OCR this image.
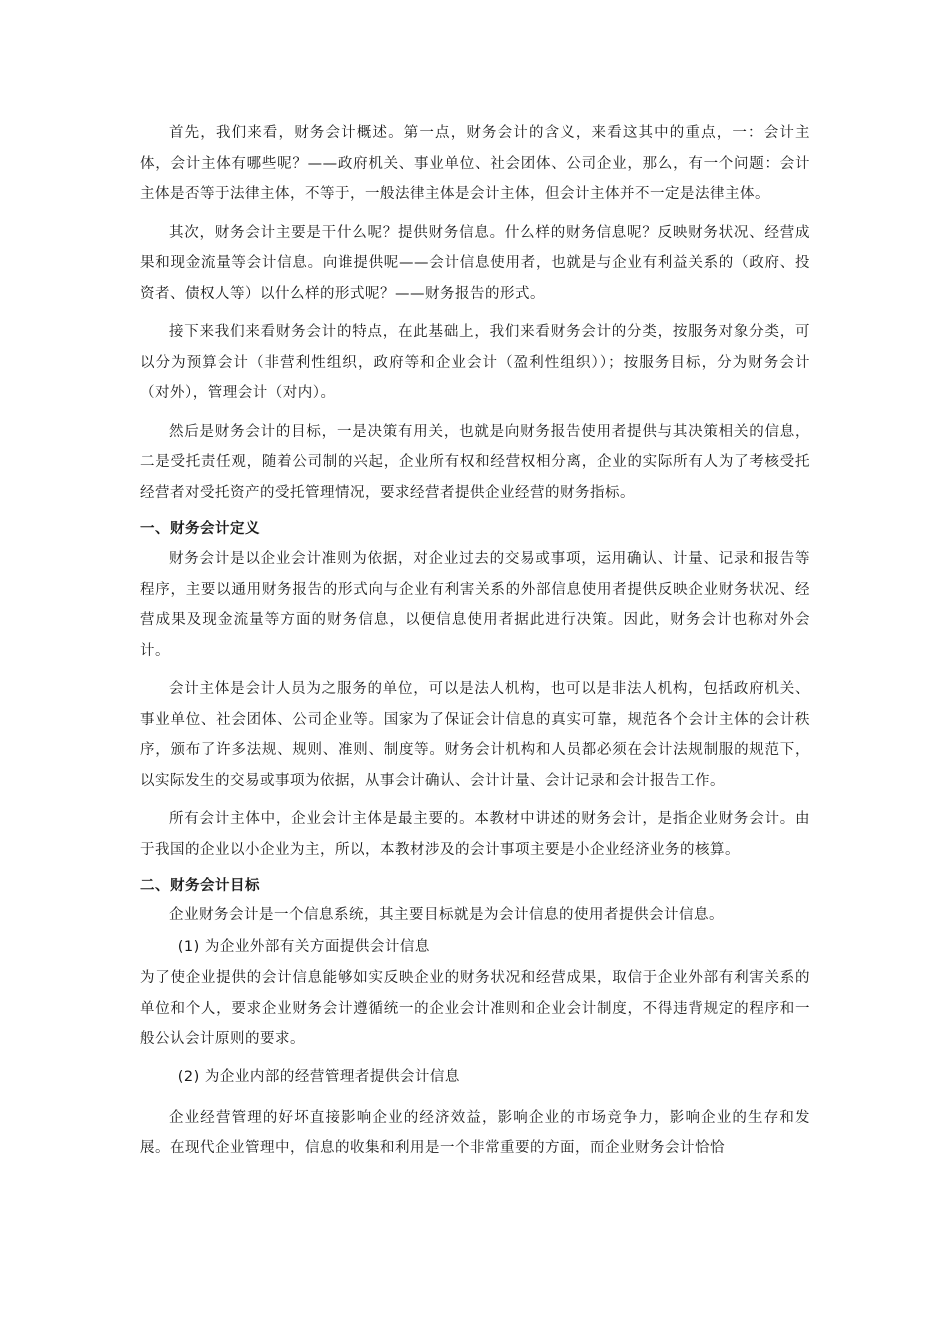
首先，我们来看，财务会计概述。第一点，财务会计的含义，来看这其中的重点，一：会计主体，会计主体有哪些呢？——政府机关、事业单位、社会团体、公司企业，那么，有一个问题：会计主体是否等于法律主体，不等于，一般法律主体是会计主体，但会计主体并不一定是法律主体。

其次，财务会计主要是干什么呢？提供财务信息。什么样的财务信息呢？反映财务状况、经营成果和现金流量等会计信息。向谁提供呢——会计信息使用者，也就是与企业有利益关系的（政府、投资者、债权人等）以什么样的形式呢？——财务报告的形式。

接下来我们来看财务会计的特点，在此基础上，我们来看财务会计的分类，按服务对象分类，可以分为预算会计（非营利性组织，政府等和企业会计（盈利性组织））；按服务目标，分为财务会计（对外），管理会计（对内）。

然后是财务会计的目标，一是决策有用关，也就是向财务报告使用者提供与其决策相关的信息，二是受托责任观，随着公司制的兴起，企业所有权和经营权相分离，企业的实际所有人为了考核受托经营者对受托资产的受托管理情况，要求经营者提供企业经营的财务指标。

一、财务会计定义

财务会计是以企业会计准则为依据，对企业过去的交易或事项，运用确认、计量、记录和报告等程序，主要以通用财务报告的形式向与企业有利害关系的外部信息使用者提供反映企业财务状况、经营成果及现金流量等方面的财务信息，以便信息使用者据此进行决策。因此，财务会计也称对外会计。

会计主体是会计人员为之服务的单位，可以是法人机构，也可以是非法人机构，包括政府机关、事业单位、社会团体、公司企业等。国家为了保证会计信息的真实可靠，规范各个会计主体的会计秩序，颁布了许多法规、规则、准则、制度等。财务会计机构和人员都必须在会计法规制服的规范下，以实际发生的交易或事项为依据，从事会计确认、会计计量、会计记录和会计报告工作。

所有会计主体中，企业会计主体是最主要的。本教材中讲述的财务会计，是指企业财务会计。由于我国的企业以小企业为主，所以，本教材涉及的会计事项主要是小企业经济业务的核算。

二、财务会计目标

企业财务会计是一个信息系统，其主要目标就是为会计信息的使用者提供会计信息。

(1) 为企业外部有关方面提供会计信息

为了使企业提供的会计信息能够如实反映企业的财务状况和经营成果，取信于企业外部有利害关系的单位和个人，要求企业财务会计遵循统一的企业会计准则和企业会计制度，不得违背规定的程序和一般公认会计原则的要求。

(2) 为企业内部的经营管理者提供会计信息

企业经营管理的好坏直接影响企业的经济效益，影响企业的市场竞争力，影响企业的生存和发展。在现代企业管理中，信息的收集和利用是一个非常重要的方面，而企业财务会计恰恰
